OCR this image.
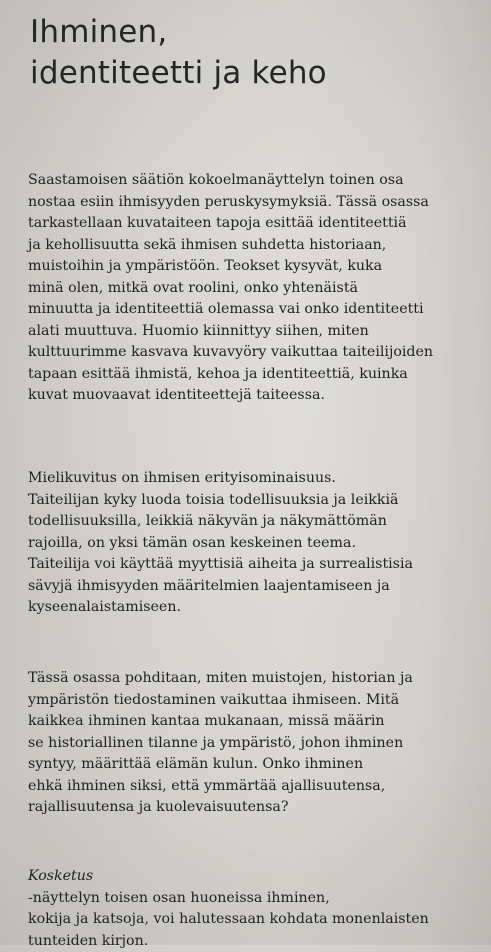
Ihminen,
identiteetti ja keho

Saastamoisen säätiön kokoelmanäyttelyn toinen osa
nostaa esiin ihmisyyden peruskysymyksiä. Tässä osassa
tarkastellaan kuvataiteen tapoja esittää identiteettiä
ja kehollisuutta sekä ihmisen suhdetta historiaan,
muistoihin ja ympäristöön. Teokset kysyvät, kuka
minä olen, mitkä ovat roolini, onko yhtenäistä
minuutta ja identiteettiä olemassa vai onko identiteetti
alati muuttuva. Huomio kiinnittyy siihen, miten
kulttuurimme kasvava kuvavyöry vaikuttaa taiteilijoiden
tapaan esittää ihmistä, kehoa ja identiteettiä, kuinka
kuvat muovaavat identiteettejä taiteessa.

Mielikuvitus on ihmisen erityisominaisuus.
Taiteilijan kyky luoda toisia todellisuuksia ja leikkiä
todellisuuksilla, leikkiä näkyvän ja näkymättömän
rajoilla, on yksi tämän osan keskeinen teema.
Taiteilija voi käyttää myyttisiä aiheita ja surrealistisia
sävyjä ihmisyyden määritelmien laajentamiseen ja
kyseenalaistamiseen.

Tässä osassa pohditaan, miten muistojen, historian ja
ympäristön tiedostaminen vaikuttaa ihmiseen. Mitä
kaikkea ihminen kantaa mukanaan, missä määrin
se historiallinen tilanne ja ympäristö, johon ihminen
syntyy, määrittää elämän kulun. Onko ihminen
ehkä ihminen siksi, että ymmärtää ajallisuutensa,
rajallisuutensa ja kuolevaisuutensa?

Kosketus
-näyttelyn toisen osan huoneissa ihminen,
kokija ja katsoja, voi halutessaan kohdata monenlaisten
tunteiden kirjon.
